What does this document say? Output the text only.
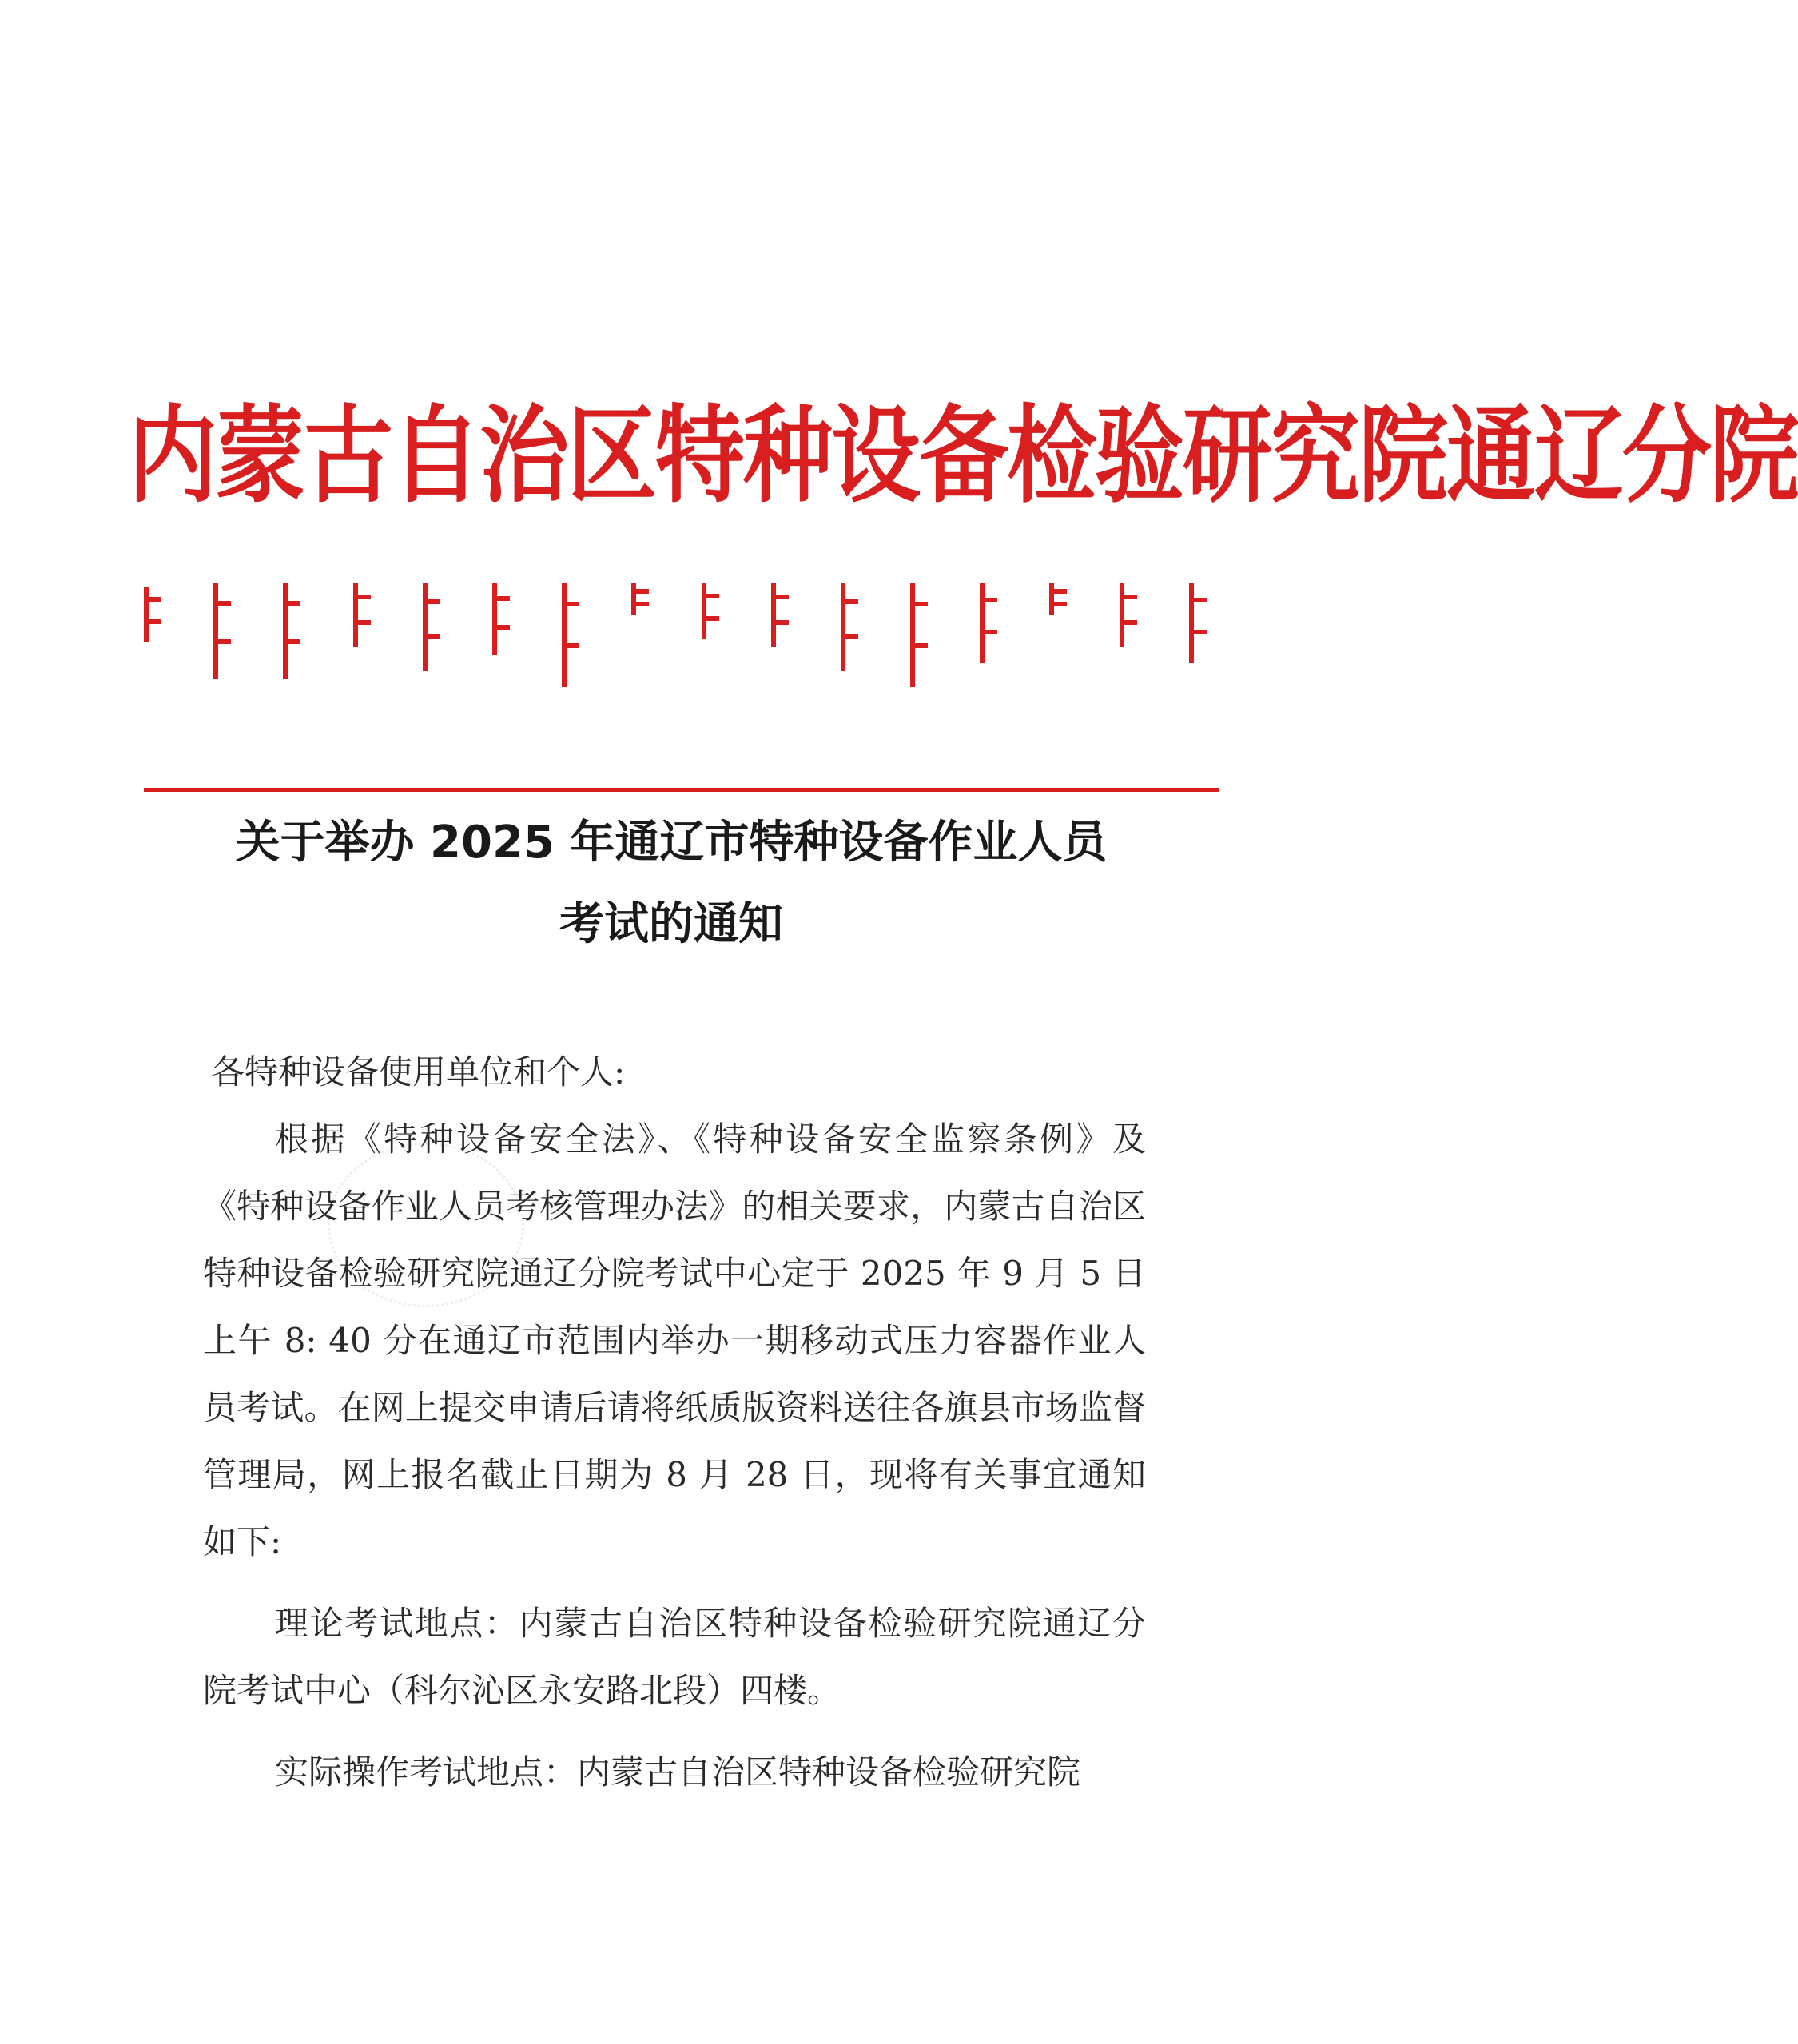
内蒙古自治区特种设备检验研究院通辽分院
关于举办 2025 年通辽市特种设备作业人员
考试的通知

各特种设备使用单位和个人:

根据《特种设备安全法》、《特种设备安全监察条例》及《特种设备作业人员考核管理办法》的相关要求，内蒙古自治区特种设备检验研究院通辽分院考试中心定于 2025 年 9 月 5 日上午 8: 40 分在通辽市范围内举办一期移动式压力容器作业人员考试。在网上提交申请后请将纸质版资料送往各旗县市场监督管理局，网上报名截止日期为 8 月 28 日，现将有关事宜通知如下:

理论考试地点：内蒙古自治区特种设备检验研究院通辽分院考试中心（科尔沁区永安路北段）四楼。

实际操作考试地点：内蒙古自治区特种设备检验研究院
